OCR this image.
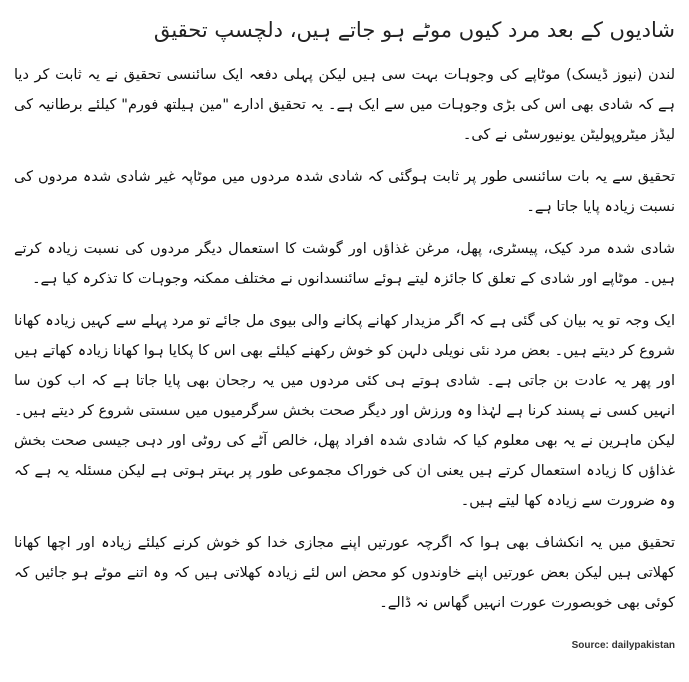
شادیوں کے بعد مرد کیوں موٹے ہو جاتے ہیں، دلچسپ تحقیق

لندن (نیوز ڈیسک) موٹاپے کی وجوہات بہت سی ہیں لیکن پہلی دفعہ ایک سائنسی تحقیق نے یہ ثابت کر دیا ہے کہ شادی بھی اس کی بڑی وجوہات میں سے ایک ہے۔ یہ تحقیق ادارے "مین ہیلتھ فورم" کیلئے برطانیہ کی لیڈز میٹروپولیٹن یونیورسٹی نے کی۔

تحقیق سے یہ بات سائنسی طور پر ثابت ہوگئی کہ شادی شدہ مردوں میں موٹاپہ غیر شادی شدہ مردوں کی نسبت زیادہ پایا جاتا ہے۔

شادی شدہ مرد کیک، پیسٹری، پھل، مرغن غذاؤں اور گوشت کا استعمال دیگر مردوں کی نسبت زیادہ کرتے ہیں۔ موٹاپے اور شادی کے تعلق کا جائزہ لیتے ہوئے سائنسدانوں نے مختلف ممکنہ وجوہات کا تذکرہ کیا ہے۔

ایک وجہ تو یہ بیان کی گئی ہے کہ اگر مزیدار کھانے پکانے والی بیوی مل جائے تو مرد پہلے سے کہیں زیادہ کھانا شروع کر دیتے ہیں۔ بعض مرد نئی نویلی دلہن کو خوش رکھنے کیلئے بھی اس کا پکایا ہوا کھانا زیادہ کھاتے ہیں اور پھر یہ عادت بن جاتی ہے۔ شادی ہوتے ہی کئی مردوں میں یہ رجحان بھی پایا جاتا ہے کہ اب کون سا انہیں کسی نے پسند کرنا ہے لہٰذا وہ ورزش اور دیگر صحت بخش سرگرمیوں میں سستی شروع کر دیتے ہیں۔ لیکن ماہرین نے یہ بھی معلوم کیا کہ شادی شدہ افراد پھل، خالص آٹے کی روٹی اور دہی جیسی صحت بخش غذاؤں کا زیادہ استعمال کرتے ہیں یعنی ان کی خوراک مجموعی طور پر بہتر ہوتی ہے لیکن مسئلہ یہ ہے کہ وہ ضرورت سے زیادہ کھا لیتے ہیں۔

تحقیق میں یہ انکشاف بھی ہوا کہ اگرچہ عورتیں اپنے مجازی خدا کو خوش کرنے کیلئے زیادہ اور اچھا کھانا کھلاتی ہیں لیکن بعض عورتیں اپنے خاوندوں کو محض اس لئے زیادہ کھلاتی ہیں کہ وہ اتنے موٹے ہو جائیں کہ کوئی بھی خوبصورت عورت انہیں گھاس نہ ڈالے۔

Source: dailypakistan
